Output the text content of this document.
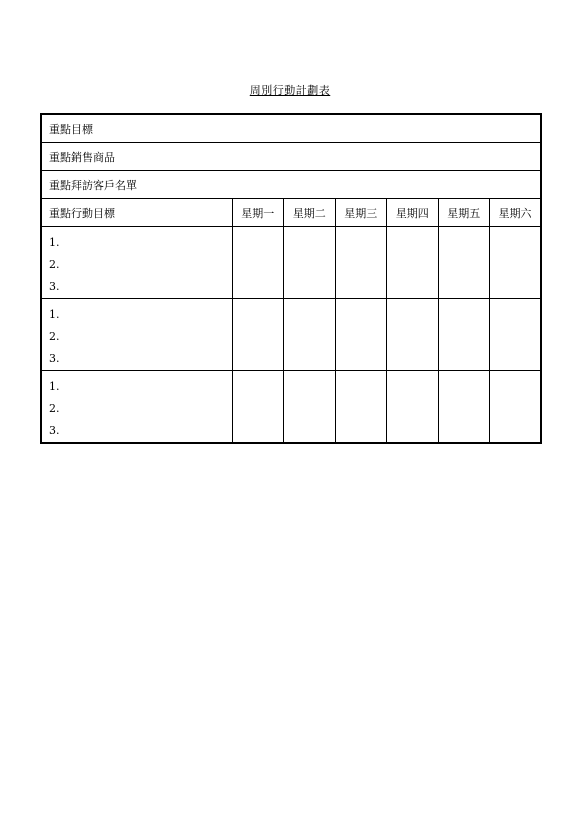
周別行動計劃表
重點目標						
重點銷售商品						
重點拜訪客戶名單						
重點行動目標	星期一	星期二	星期三	星期四	星期五	星期六

1.
2.
3.						

1.
2.
3.						

1.
2.
3.						
